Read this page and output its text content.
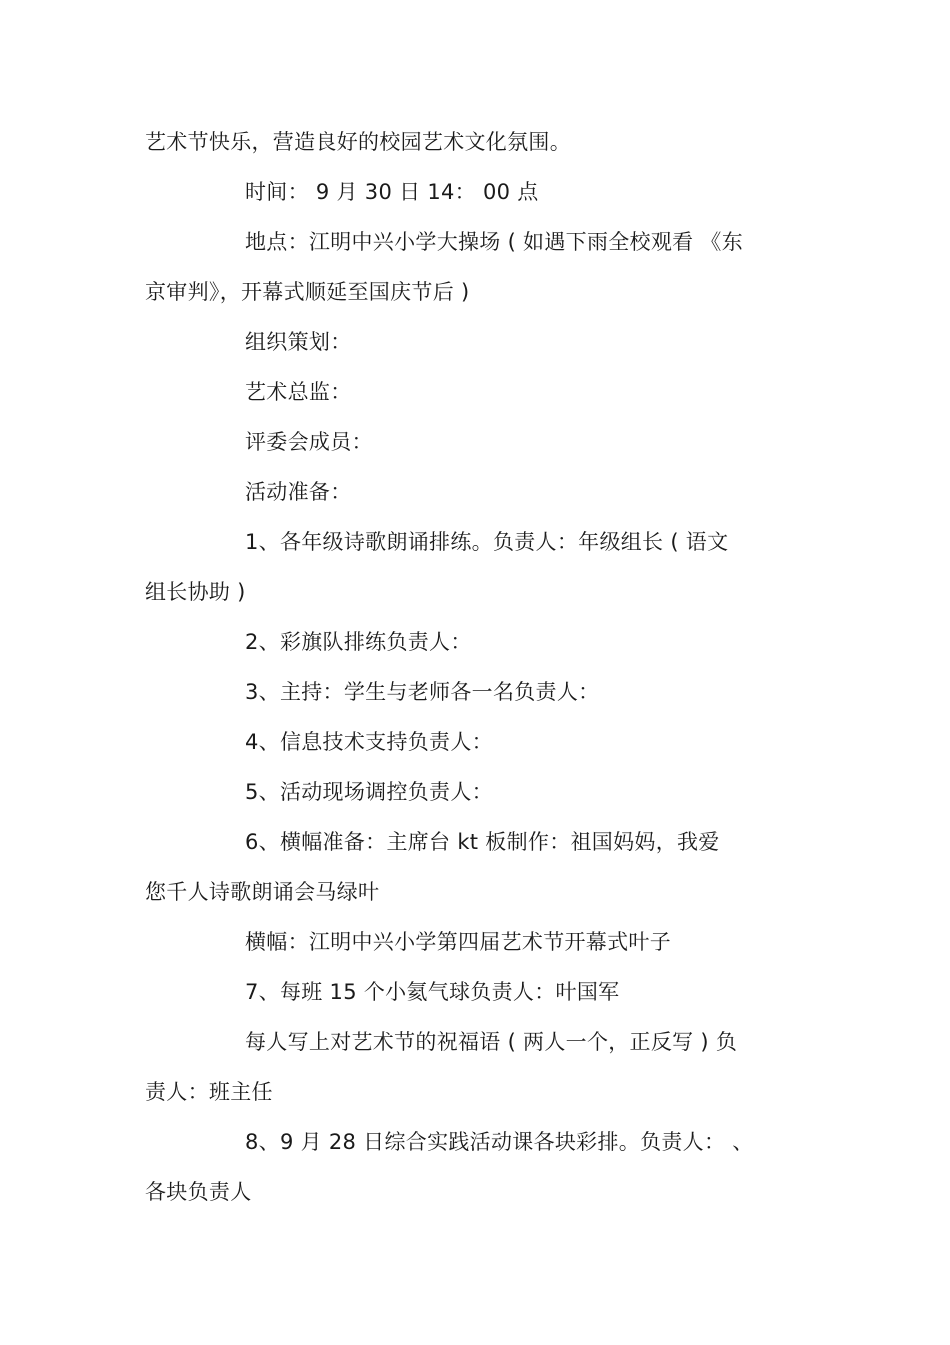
艺术节快乐，营造良好的校园艺术文化氛围。
时间： 9 月 30 日 14： 00 点
地点：江明中兴小学大操场 ( 如遇下雨全校观看 《东
京审判》，开幕式顺延至国庆节后 )
组织策划：
艺术总监：
评委会成员：
活动准备：
1、各年级诗歌朗诵排练。负责人：年级组长 ( 语文
组长协助 )
2、彩旗队排练负责人：
3、主持：学生与老师各一名负责人：
4、信息技术支持负责人：
5、活动现场调控负责人：
6、横幅准备：主席台 kt 板制作：祖国妈妈，我爱
您千人诗歌朗诵会马绿叶
横幅：江明中兴小学第四届艺术节开幕式叶子
7、每班 15 个小氦气球负责人：叶国军
每人写上对艺术节的祝福语 ( 两人一个，正反写 ) 负
责人：班主任
8、9 月 28 日综合实践活动课各块彩排。负责人： 、
各块负责人
